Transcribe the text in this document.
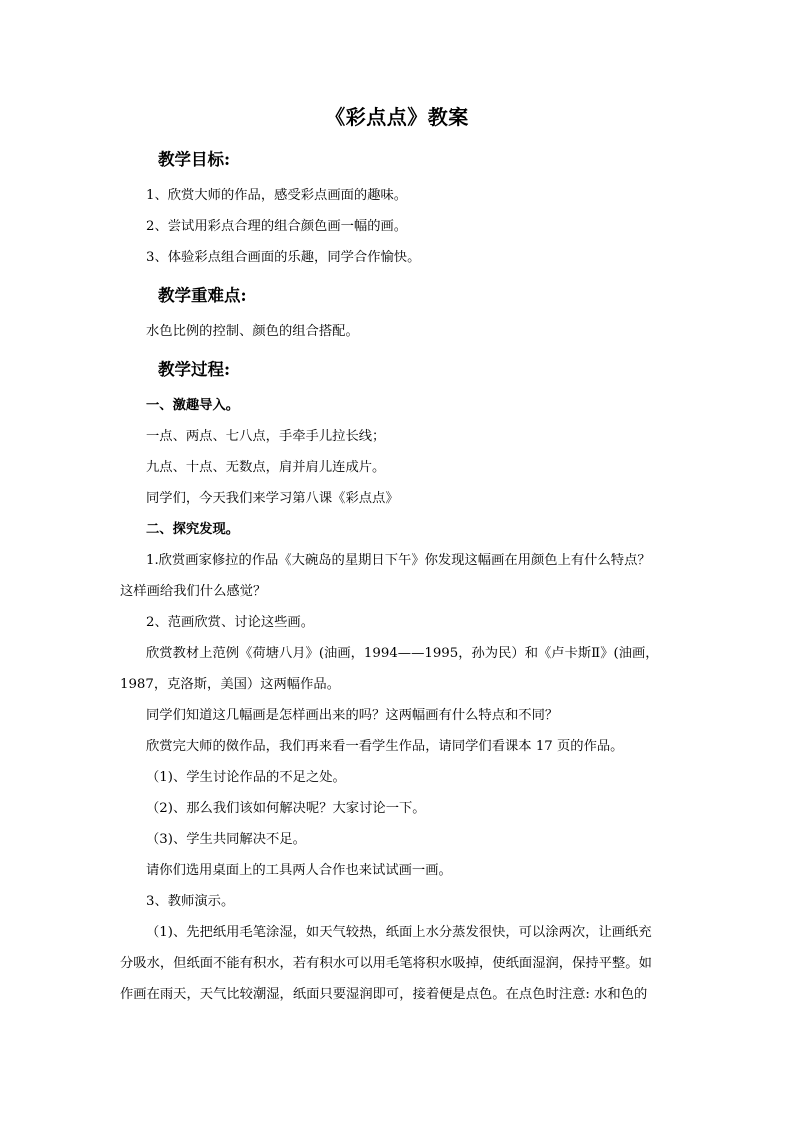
《彩点点》教案
教学目标:
1、欣赏大师的作品，感受彩点画面的趣味。
2、尝试用彩点合理的组合颜色画一幅的画。
3、体验彩点组合画面的乐趣，同学合作愉快。
教学重难点:
水色比例的控制、颜色的组合搭配。
教学过程:
一、激趣导入。
一点、两点、七八点，手牵手儿拉长线；
九点、十点、无数点，肩并肩儿连成片。
同学们，今天我们来学习第八课《彩点点》
二、探究发现。
1.欣赏画家修拉的作品《大碗岛的星期日下午》你发现这幅画在用颜色上有什么特点？
这样画给我们什么感觉？
2、范画欣赏、讨论这些画。
欣赏教材上范例《荷塘八月》(油画，1994——1995，孙为民）和《卢卡斯Ⅱ》(油画，
1987，克洛斯，美国）这两幅作品。
同学们知道这几幅画是怎样画出来的吗？这两幅画有什么特点和不同？
欣赏完大师的傚作品，我们再来看一看学生作品，请同学们看课本 17 页的作品。
（1)、学生讨论作品的不足之处。
（2)、那么我们该如何解决呢？大家讨论一下。
（3)、学生共同解决不足。
请你们选用桌面上的工具两人合作也来试试画一画。
3、教师演示。
（1)、先把纸用毛笔涂湿，如天气较热，纸面上水分蒸发很快，可以涂两次，让画纸充
分吸水，但纸面不能有积水，若有积水可以用毛笔将积水吸掉，使纸面湿润，保持平整。如
作画在雨天，天气比较潮湿，纸面只要湿润即可，接着便是点色。在点色时注意: 水和色的
